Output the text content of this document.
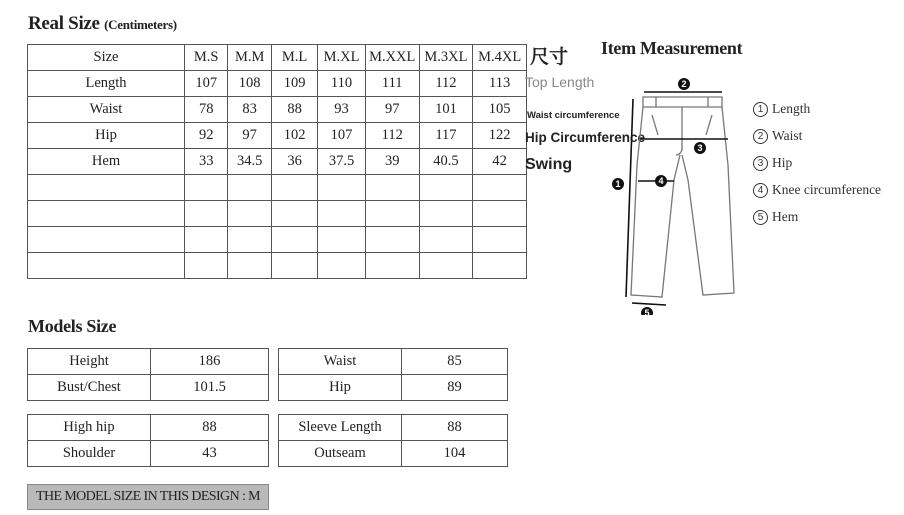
Real Size (Centimeters)
Size	M.S	M.M	M.L	M.XL	M.XXL	M.3XL	M.4XL
Length	107	108	109	110	111	112	113
Waist	78	83	88	93	97	101	105
Hip	92	97	102	107	112	117	122
Hem	33	34.5	36	37.5	39	40.5	42

尺寸
Top Length
Waist circumference
Hip Circumference
Swing
Item Measurement
2
1
3
4
5
1 Length
2 Waist
3 Hip
4 Knee circumference
5 Hem
Models Size
Height	186
Bust/Chest	101.5
Waist	85
Hip	89
High hip	88
Shoulder	43
Sleeve Length	88
Outseam	104
THE MODEL SIZE IN THIS DESIGN : M
